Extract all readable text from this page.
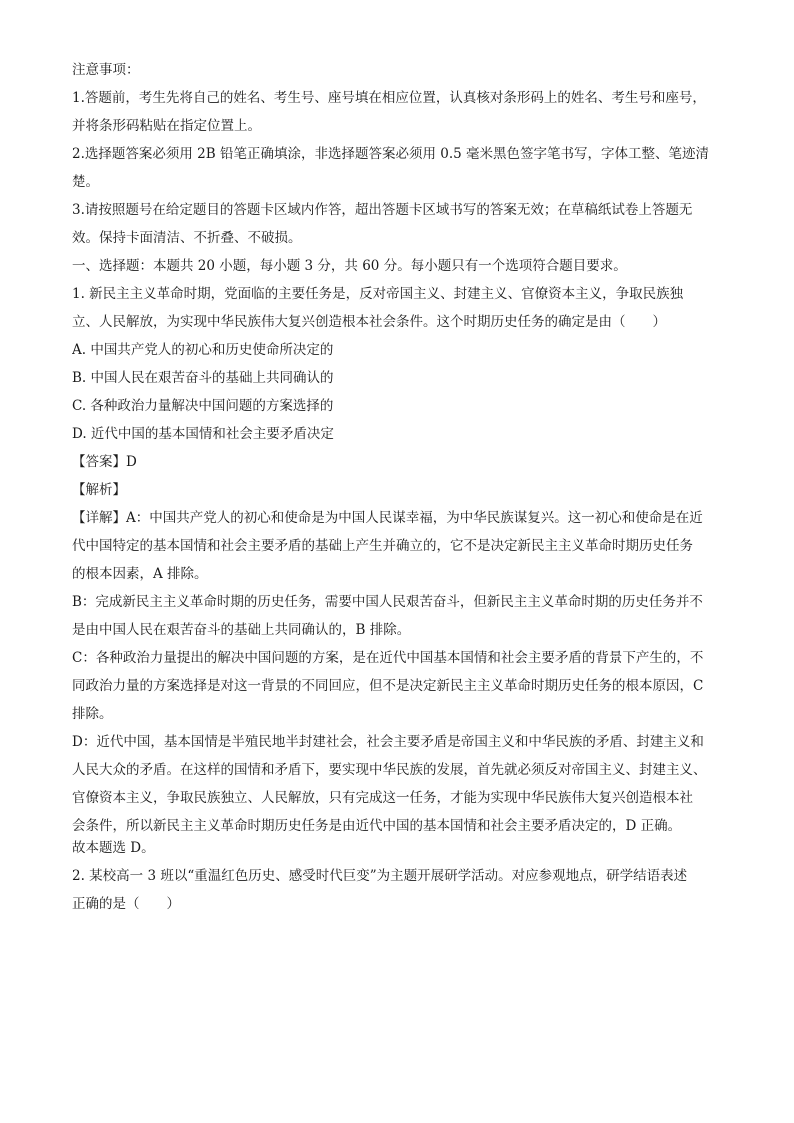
注意事项：
1.答题前，考生先将自己的姓名、考生号、座号填在相应位置，认真核对条形码上的姓名、考生号和座号，
并将条形码粘贴在指定位置上。
2.选择题答案必须用 2B 铅笔正确填涂，非选择题答案必须用 0.5 毫米黑色签字笔书写，字体工整、笔迹清
楚。
3.请按照题号在给定题目的答题卡区域内作答，超出答题卡区域书写的答案无效；在草稿纸试卷上答题无
效。保持卡面清洁、不折叠、不破损。
一、选择题：本题共 20 小题，每小题 3 分，共 60 分。每小题只有一个选项符合题目要求。
1. 新民主主义革命时期，党面临的主要任务是，反对帝国主义、封建主义、官僚资本主义，争取民族独
立、人民解放，为实现中华民族伟大复兴创造根本社会条件。这个时期历史任务的确定是由（　　）
A. 中国共产党人的初心和历史使命所决定的
B. 中国人民在艰苦奋斗的基础上共同确认的
C. 各种政治力量解决中国问题的方案选择的
D. 近代中国的基本国情和社会主要矛盾决定
【答案】D
【解析】
【详解】A：中国共产党人的初心和使命是为中国人民谋幸福，为中华民族谋复兴。这一初心和使命是在近
代中国特定的基本国情和社会主要矛盾的基础上产生并确立的，它不是决定新民主主义革命时期历史任务
的根本因素，A 排除。
B：完成新民主主义革命时期的历史任务，需要中国人民艰苦奋斗，但新民主主义革命时期的历史任务并不
是由中国人民在艰苦奋斗的基础上共同确认的，B 排除。
C：各种政治力量提出的解决中国问题的方案，是在近代中国基本国情和社会主要矛盾的背景下产生的，不
同政治力量的方案选择是对这一背景的不同回应，但不是决定新民主主义革命时期历史任务的根本原因，C
排除。
D：近代中国，基本国情是半殖民地半封建社会，社会主要矛盾是帝国主义和中华民族的矛盾、封建主义和
人民大众的矛盾。在这样的国情和矛盾下，要实现中华民族的发展，首先就必须反对帝国主义、封建主义、
官僚资本主义，争取民族独立、人民解放，只有完成这一任务，才能为实现中华民族伟大复兴创造根本社
会条件，所以新民主主义革命时期历史任务是由近代中国的基本国情和社会主要矛盾决定的，D 正确。
故本题选 D。
2. 某校高一 3 班以“重温红色历史、感受时代巨变”为主题开展研学活动。对应参观地点，研学结语表述
正确的是（　　）
